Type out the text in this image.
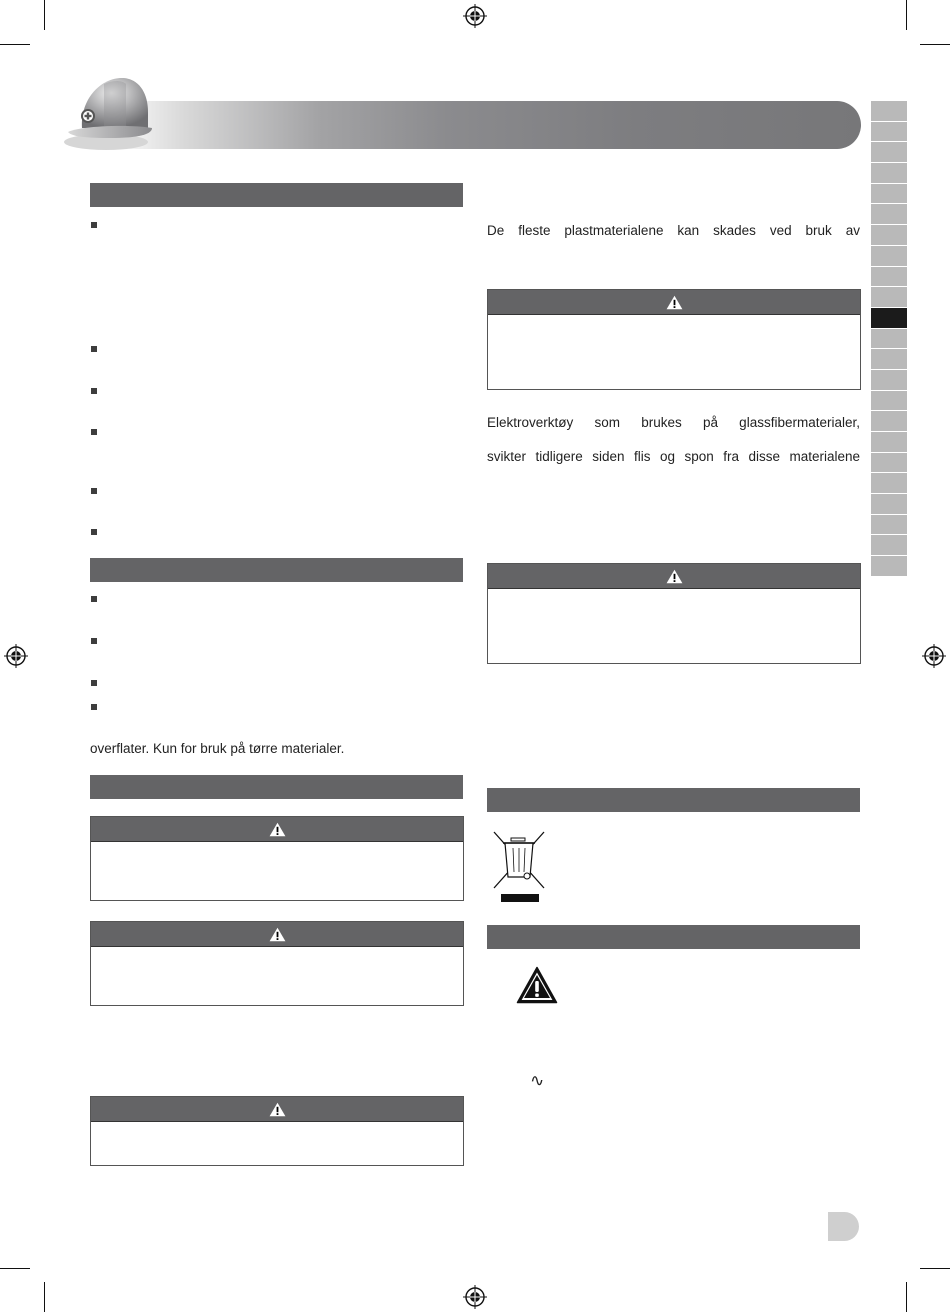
overflater. Kun for bruk på tørre materialer.
De fleste plastmaterialene kan skades ved bruk av
Elektroverktøy som brukes på glassfibermaterialer,
svikter tidligere siden flis og spon fra disse materialene
∿
